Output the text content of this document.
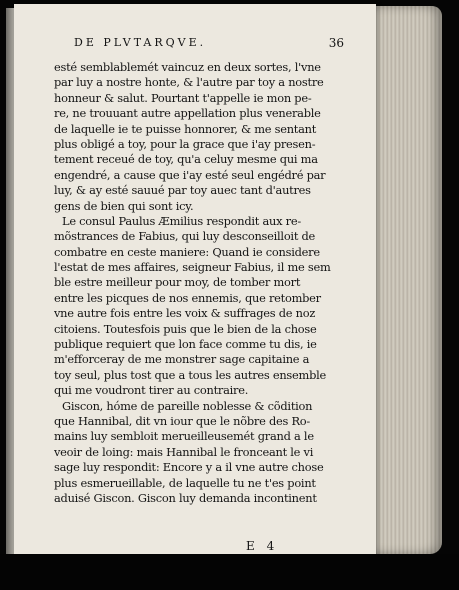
DE PLVTARQVE.	36
esté semblablemét vaincuz en deux sortes, l'vne
par luy a nostre honte, & l'autre par toy a nostre
honneur & salut. Pourtant t'appelle ie mon pe-
re, ne trouuant autre appellation plus venerable
de laquelle ie te puisse honnorer, & me sentant
plus obligé a toy, pour la grace que i'ay presen-
tement receué de toy, qu'a celuy mesme qui ma
engendré, a cause que i'ay esté seul engédré par
luy, & ay esté sauué par toy auec tant d'autres
gens de bien qui sont icy.
Le consul Paulus Æmilius respondit aux re-
mõstrances de Fabius, qui luy desconseilloit de
combatre en ceste maniere: Quand ie considere
l'estat de mes affaires, seigneur Fabius, il me sem
ble estre meilleur pour moy, de tomber mort
entre les picques de nos ennemis, que retomber
vne autre fois entre les voix & suffrages de noz
citoiens. Toutesfois puis que le bien de la chose
publique requiert que lon face comme tu dis, ie
m'efforceray de me monstrer sage capitaine a
toy seul, plus tost que a tous les autres ensemble
qui me voudront tirer au contraire.
Giscon, hóme de pareille noblesse & cõdition
que Hannibal, dit vn iour que le nõbre des Ro-
mains luy sembloit merueilleusemét grand a le
veoir de loing: mais Hannibal le fronceant le vi
sage luy respondit: Encore y a il vne autre chose
plus esmerueillable, de laquelle tu ne t'es point
aduisé Giscon. Giscon luy demanda incontinent
E 4
